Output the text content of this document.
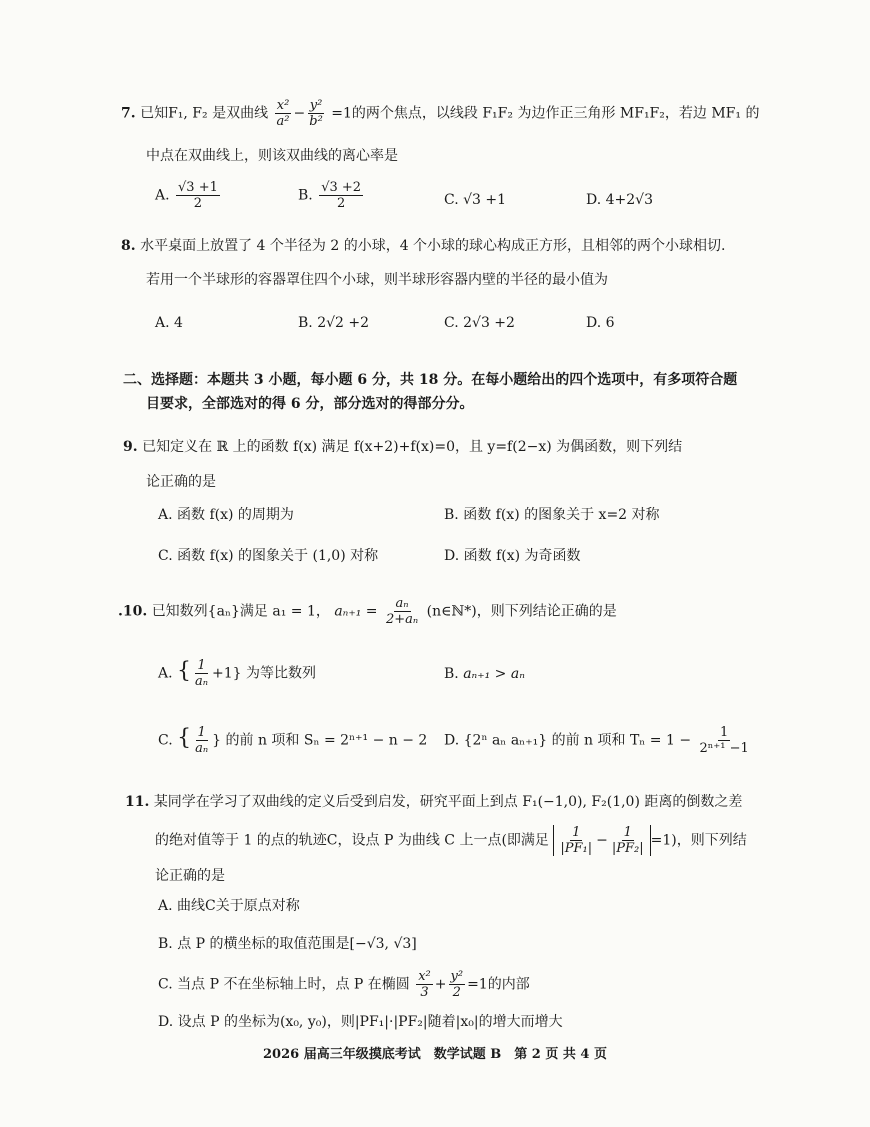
7. 已知F₁, F₂ 是双曲线 $\frac{\text{x²}}{\text{a²}} - \frac{\text{y²}}{\text{b²}} =1$的两个焦点，以线段 F₁F₂ 为边作正三角形 MF₁F₂，若边 MF₁ 的
中点在双曲线上，则该双曲线的离心率是
A. $\frac{√3 +1}{2}$	B. $\frac{√3 +2}{2}$	C. √3 +1	D. 4+2√3
8. 水平桌面上放置了 4 个半径为 2 的小球，4 个小球的球心构成正方形，且相邻的两个小球相切.
若用一个半球形的容器罩住四个小球，则半球形容器内壁的半径的最小值为
A. 4	B. 2√2 +2	C. 2√3 +2	D. 6
二、选择题：本题共 3 小题，每小题 6 分，共 18 分。在每小题给出的四个选项中，有多项符合题
目要求，全部选对的得 6 分，部分选对的得部分分。
9. 已知定义在 ℝ 上的函数 f(x) 满足 f(x+2)+f(x)=0，且 y=f(2−x) 为偶函数，则下列结
论正确的是
A. 函数 f(x) 的周期为	B. 函数 f(x) 的图象关于 x=2 对称
C. 函数 f(x) 的图象关于 (1,0) 对称	D. 函数 f(x) 为奇函数
.10. 已知数列{aₙ}满足 a₁ = 1， $a_{n+1} = \frac{\text{aₙ}}{\text{2+aₙ}}$ (n∈ℕ*)，则下列结论正确的是
A. { $\frac{1}{\text{aₙ}} +1$} 为等比数列	B. aₙ₊₁ > aₙ
C. { $\frac{1}{\text{aₙ}}$ } 的前 n 项和 Sₙ = 2ⁿ⁺¹ − n − 2 D. {2ⁿ aₙ aₙ₊₁} 的前 n 项和 $T_n = 1 - \frac{1}{\text{2ⁿ⁺¹ −1}}$
11. 某同学在学习了双曲线的定义后受到启发，研究平面上到点 F₁(−1,0), F₂(1,0) 距离的倒数之差
的绝对值等于 1 的点的轨迹C，设点 P 为曲线 C 上一点(即满足 $\frac{1}{\text{|PF₁|}} - \frac{1}{\text{|PF₂|}} =1$)，则下列结
论正确的是
A. 曲线C关于原点对称
B. 点 P 的横坐标的取值范围是[−√3, √3]
C. 当点 P 不在坐标轴上时，点 P 在椭圆 $\frac{\text{x²}}{3} + \frac{\text{y²}}{2} =1$的内部
D. 设点 P 的坐标为(x₀, y₀)，则|PF₁|·|PF₂|随着|x₀|的增大而增大
2026 届高三年级摸底考试　数学试题 B　第 2 页 共 4 页
